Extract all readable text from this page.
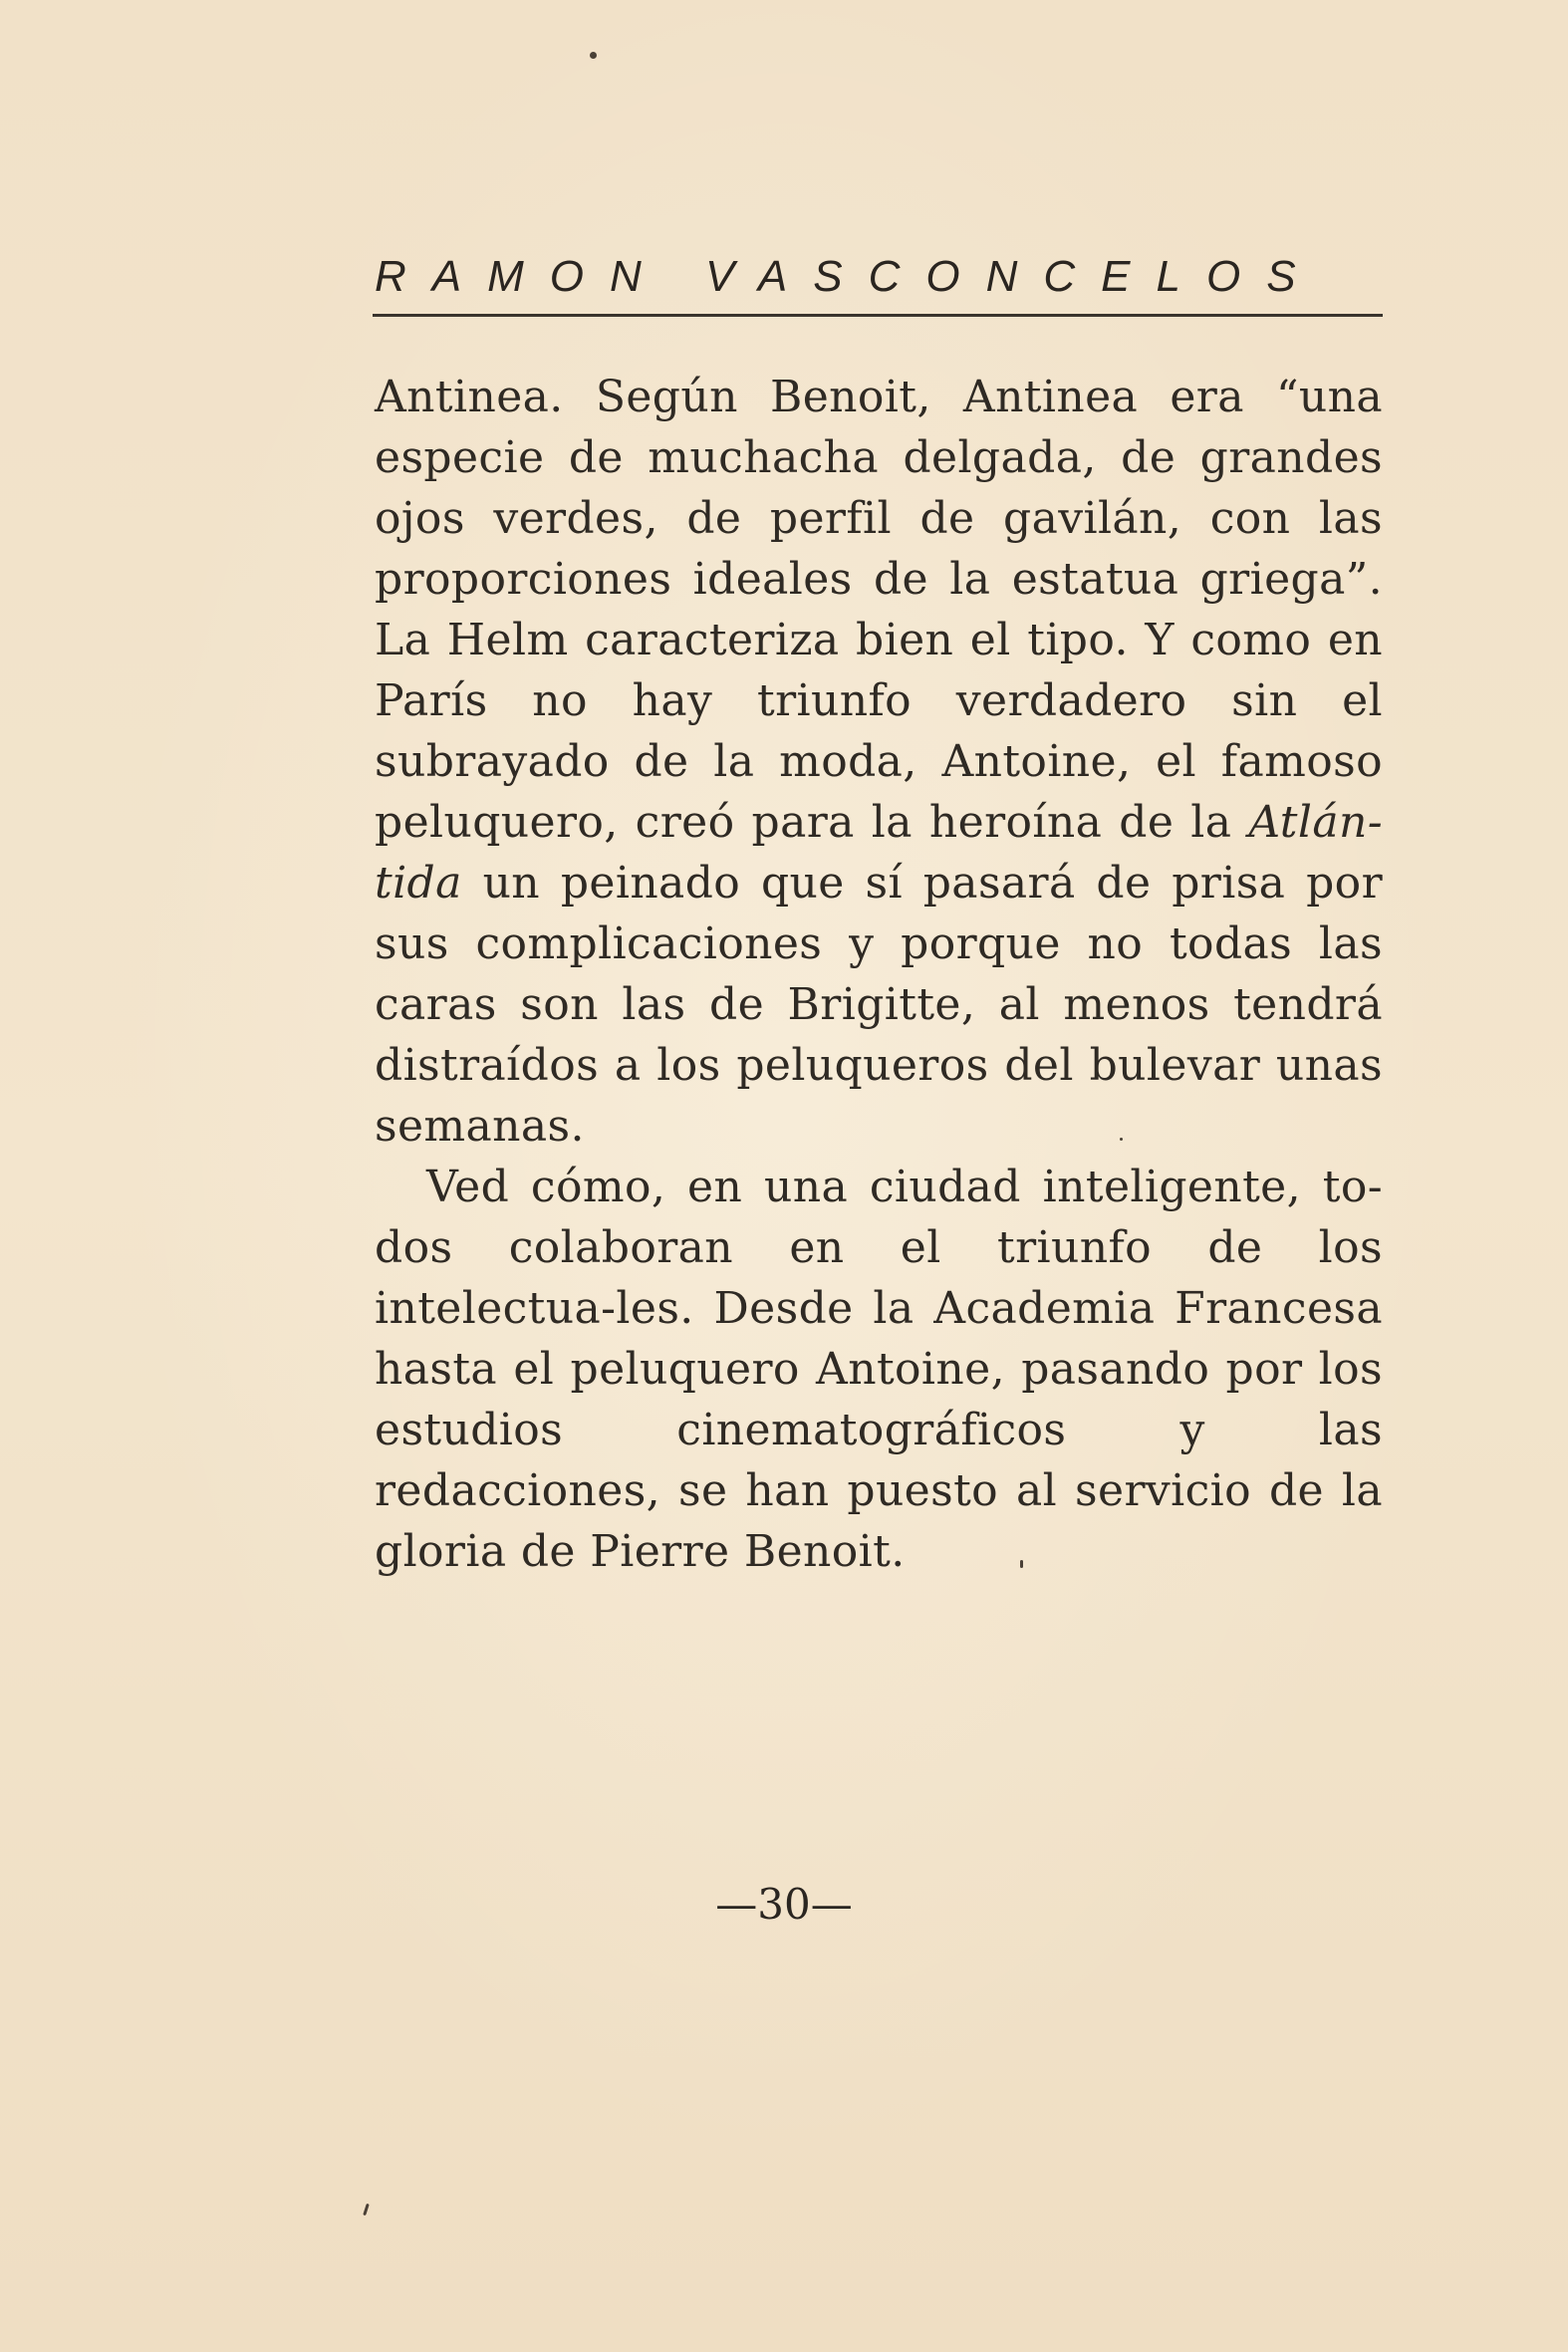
RAMON VASCONCELOS

Antinea. Según Benoit, Antinea era “una especie de muchacha delgada, de grandes ojos verdes, de perfil de gavilán, con las proporciones ideales de la estatua griega”. La Helm caracteriza bien el tipo. Y como en París no hay triunfo verdadero sin el subrayado de la moda, Antoine, el famoso peluquero, creó para la heroína de la Atlán-tida un peinado que sí pasará de prisa por sus complicaciones y porque no todas las caras son las de Brigitte, al menos tendrá distraídos a los peluqueros del bulevar unas semanas.

Ved cómo, en una ciudad inteligente, to-dos colaboran en el triunfo de los intelectua-les. Desde la Academia Francesa hasta el peluquero Antoine, pasando por los estudios cinematográficos y las redacciones, se han puesto al servicio de la gloria de Pierre Benoit.

—30—
